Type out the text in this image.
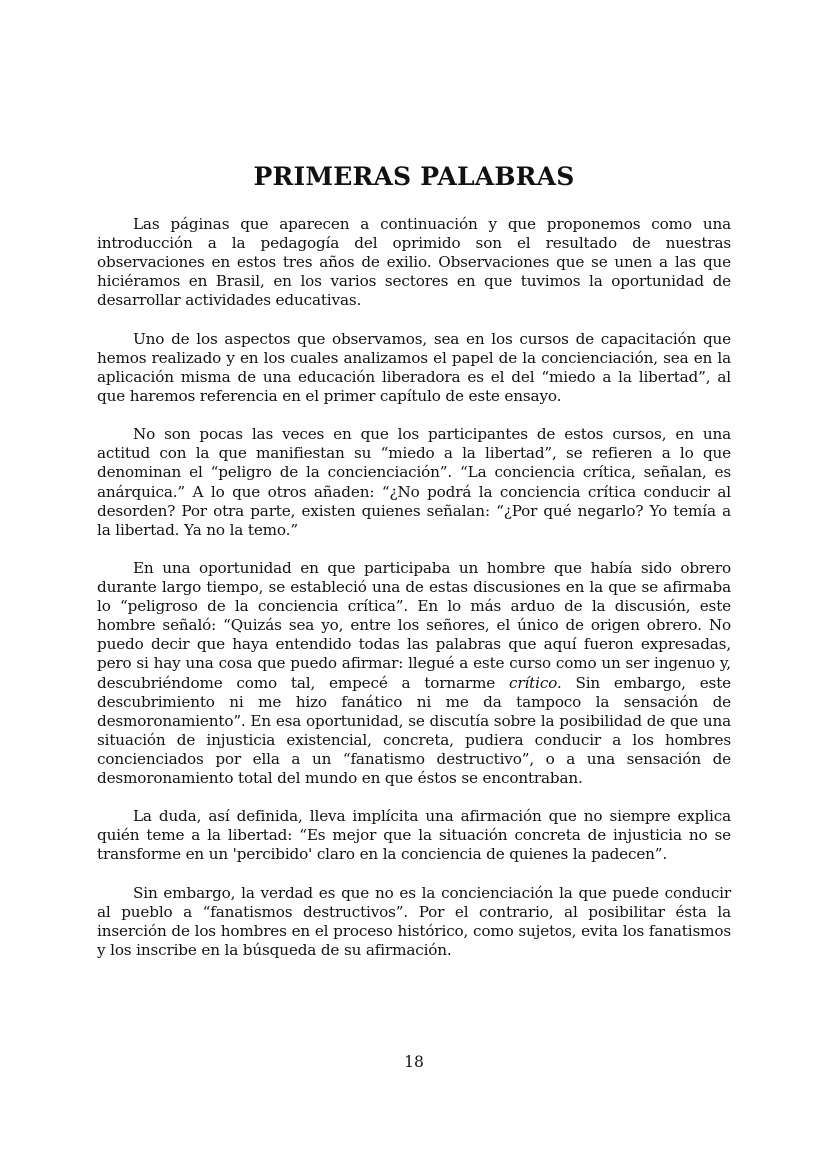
PRIMERAS PALABRAS

Las páginas que aparecen a continuación y que proponemos como una introducción a la pedagogía del oprimido son el resultado de nuestras observaciones en estos tres años de exilio. Observaciones que se unen a las que hiciéramos en Brasil, en los varios sectores en que tuvimos la oportunidad de desarrollar actividades educativas.

Uno de los aspectos que observamos, sea en los cursos de capacitación que hemos realizado y en los cuales analizamos el papel de la concienciación, sea en la aplicación misma de una educación liberadora es el del “miedo a la libertad”, al que haremos referencia en el primer capítulo de este ensayo.

No son pocas las veces en que los participantes de estos cursos, en una actitud con la que manifiestan su “miedo a la libertad”, se refieren a lo que denominan el “peligro de la concienciación”. “La conciencia crítica, señalan, es anárquica.” A lo que otros añaden: “¿No podrá la conciencia crítica conducir al desorden? Por otra parte, existen quienes señalan: “¿Por qué negarlo? Yo temía a la libertad. Ya no la temo.”

En una oportunidad en que participaba un hombre que había sido obrero durante largo tiempo, se estableció una de estas discusiones en la que se afirmaba lo “peligroso de la conciencia crítica”. En lo más arduo de la discusión, este hombre señaló: “Quizás sea yo, entre los señores, el único de origen obrero. No puedo decir que haya entendido todas las palabras que aquí fueron expresadas, pero si hay una cosa que puedo afirmar: llegué a este curso como un ser ingenuo y, descubriéndome como tal, empecé a tornarme crítico. Sin embargo, este descubrimiento ni me hizo fanático ni me da tampoco la sensación de desmoronamiento”. En esa oportunidad, se discutía sobre la posibilidad de que una situación de injusticia existencial, concreta, pudiera conducir a los hombres concienciados por ella a un “fanatismo destructivo”, o a una sensación de desmoronamiento total del mundo en que éstos se encontraban.

La duda, así definida, lleva implícita una afirmación que no siempre explica quién teme a la libertad: “Es mejor que la situación concreta de injusticia no se transforme en un 'percibido' claro en la conciencia de quienes la padecen”.

Sin embargo, la verdad es que no es la concienciación la que puede conducir al pueblo a “fanatismos destructivos”. Por el contrario, al posibilitar ésta la inserción de los hombres en el proceso histórico, como sujetos, evita los fanatismos y los inscribe en la búsqueda de su afirmación.

18
